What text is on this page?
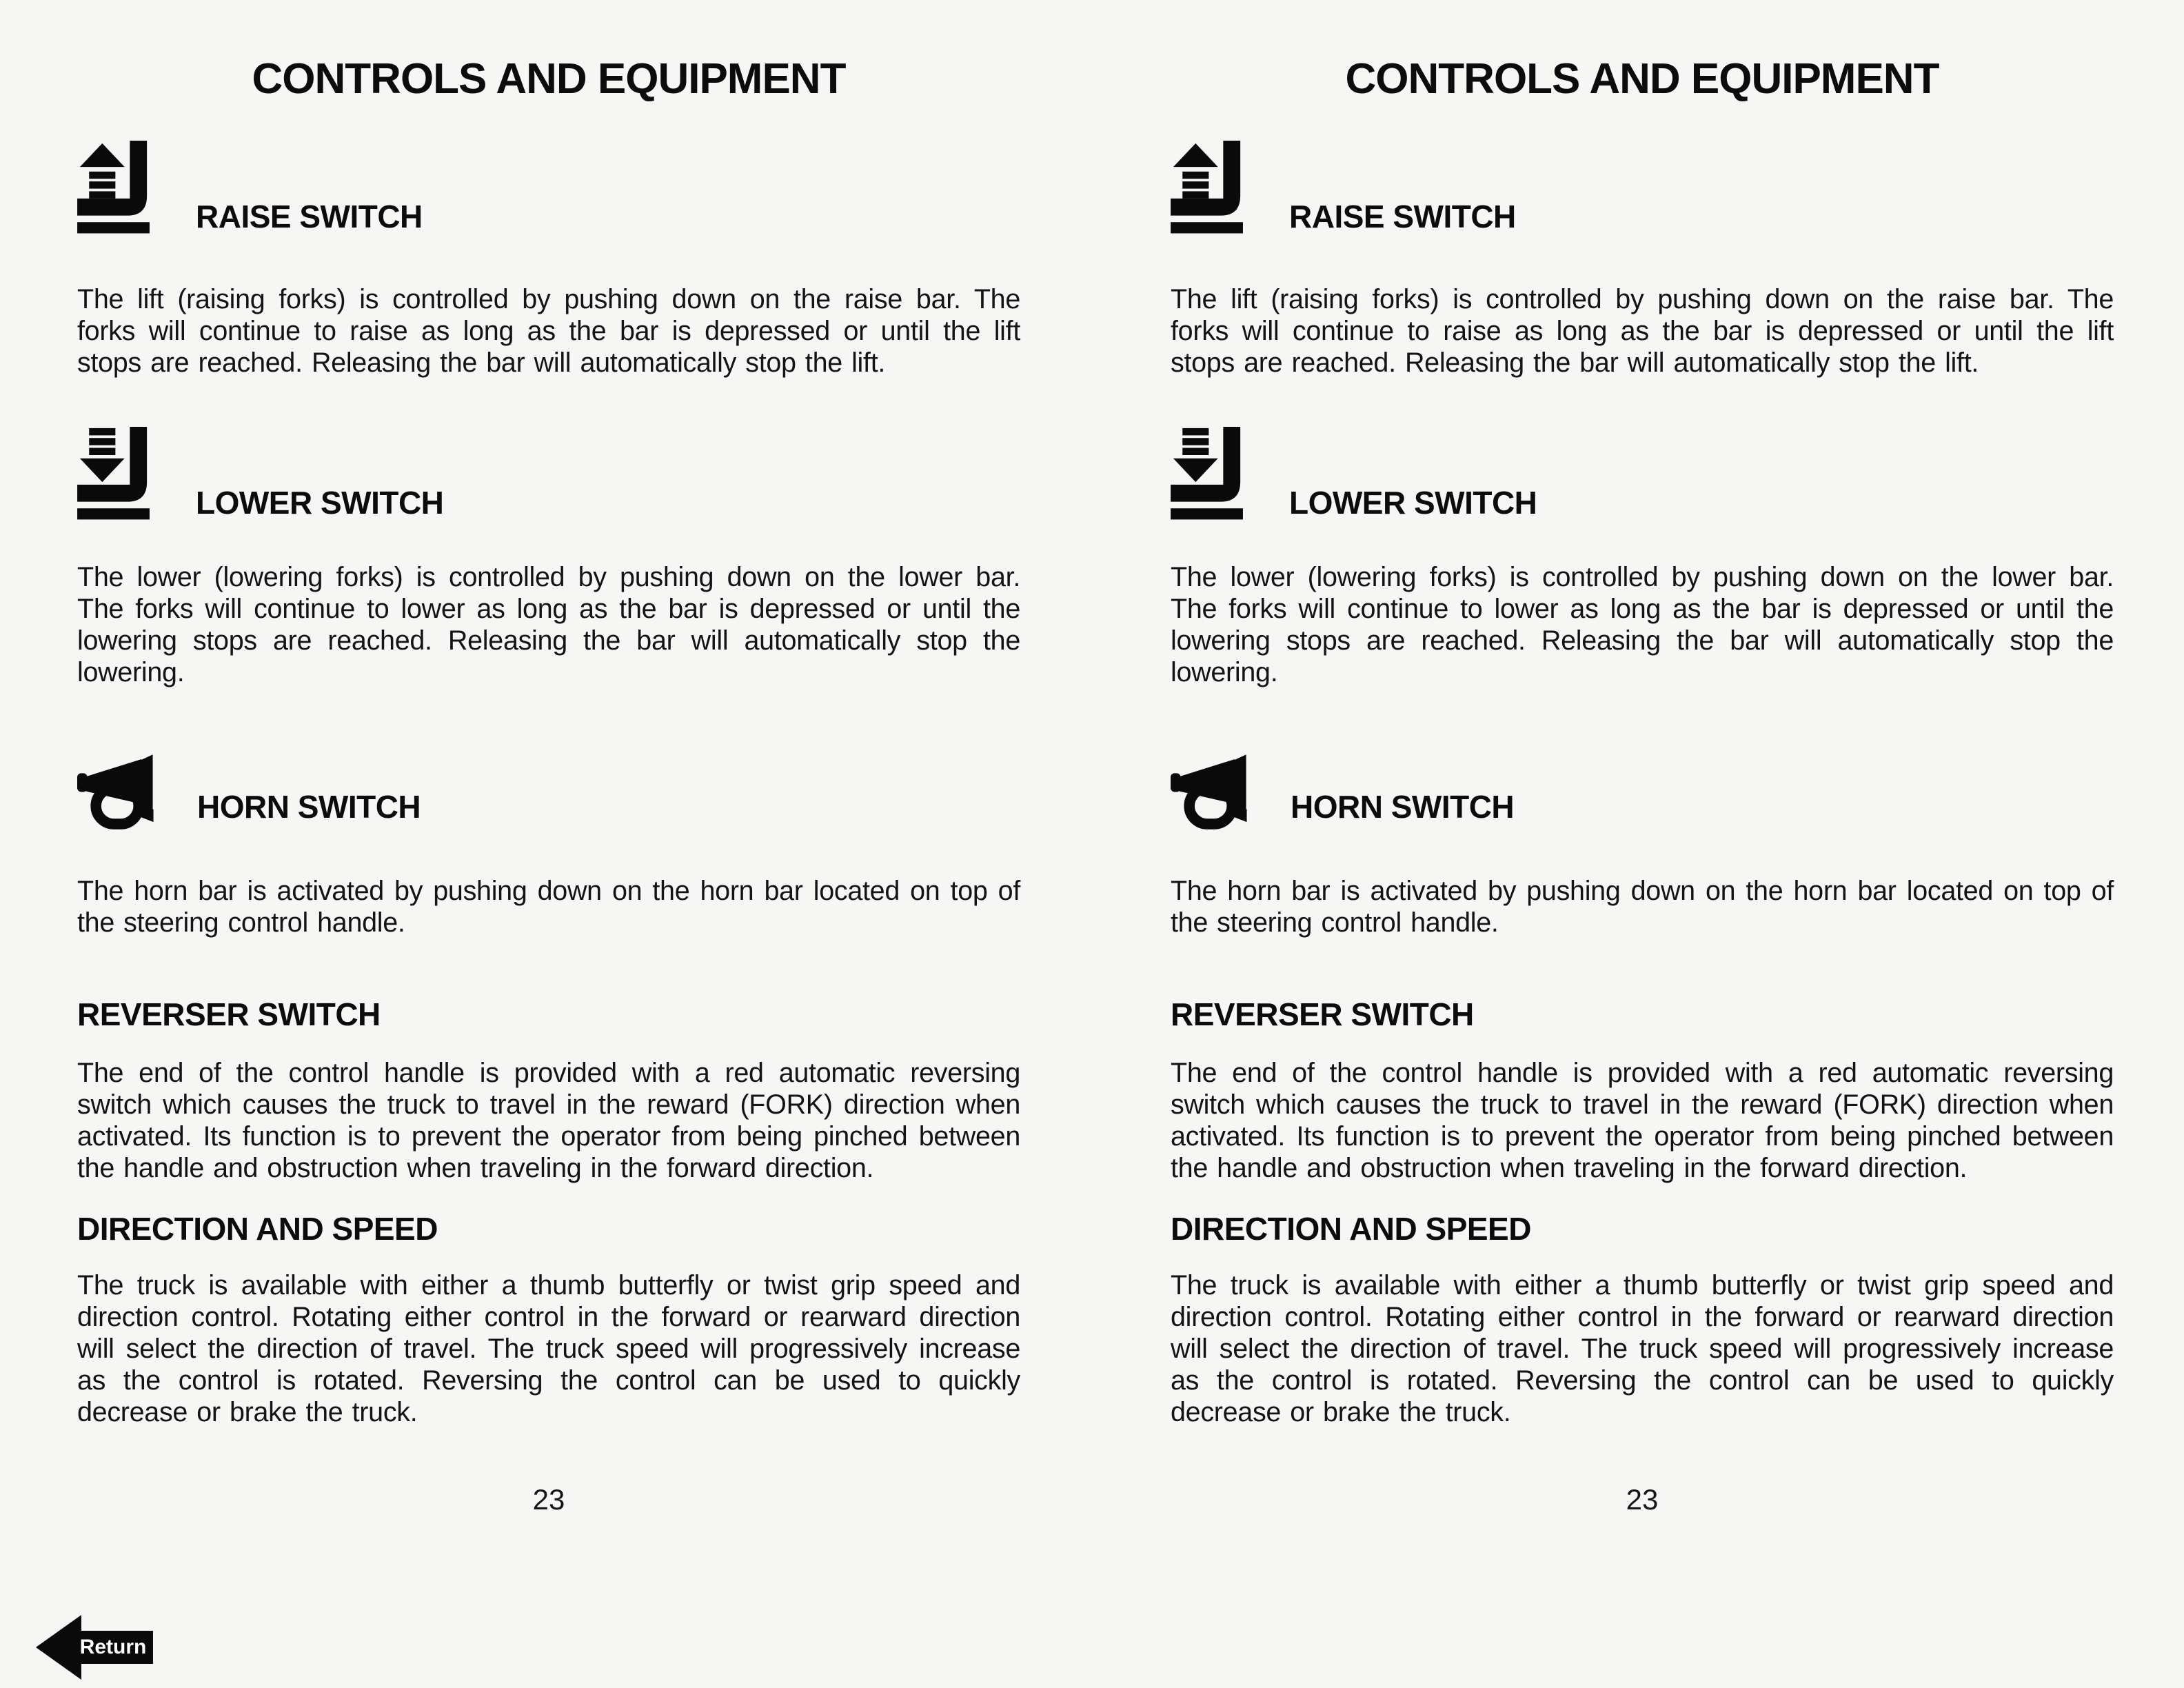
CONTROLS AND EQUIPMENT
RAISE SWITCH

The lift (raising forks) is controlled by pushing down on the raise bar. The forks will continue to raise as long as the bar is depressed or until the lift stops are reached. Releasing the bar will automatically stop the lift.

LOWER SWITCH

The lower (lowering forks) is controlled by pushing down on the lower bar. The forks will continue to lower as long as the bar is depressed or until the lowering stops are reached. Releasing the bar will automatically stop the lowering.

HORN SWITCH

The horn bar is activated by pushing down on the horn bar located on top of the steering control handle.

REVERSER SWITCH

The end of the control handle is provided with a red automatic reversing switch which causes the truck to travel in the reward (FORK) direction when activated. Its function is to prevent the operator from being pinched between the handle and obstruction when traveling in the forward direction.

DIRECTION AND SPEED

The truck is available with either a thumb butterfly or twist grip speed and direction control. Rotating either control in the forward or rearward direction will select the direction of travel. The truck speed will progressively increase as the control is rotated. Reversing the control can be used to quickly decrease or brake the truck.

23
CONTROLS AND EQUIPMENT
RAISE SWITCH

The lift (raising forks) is controlled by pushing down on the raise bar. The forks will continue to raise as long as the bar is depressed or until the lift stops are reached. Releasing the bar will automatically stop the lift.

LOWER SWITCH

The lower (lowering forks) is controlled by pushing down on the lower bar. The forks will continue to lower as long as the bar is depressed or until the lowering stops are reached. Releasing the bar will automatically stop the lowering.

HORN SWITCH

The horn bar is activated by pushing down on the horn bar located on top of the steering control handle.

REVERSER SWITCH

The end of the control handle is provided with a red automatic reversing switch which causes the truck to travel in the reward (FORK) direction when activated. Its function is to prevent the operator from being pinched between the handle and obstruction when traveling in the forward direction.

DIRECTION AND SPEED

The truck is available with either a thumb butterfly or twist grip speed and direction control. Rotating either control in the forward or rearward direction will select the direction of travel. The truck speed will progressively increase as the control is rotated. Reversing the control can be used to quickly decrease or brake the truck.

23
Return
